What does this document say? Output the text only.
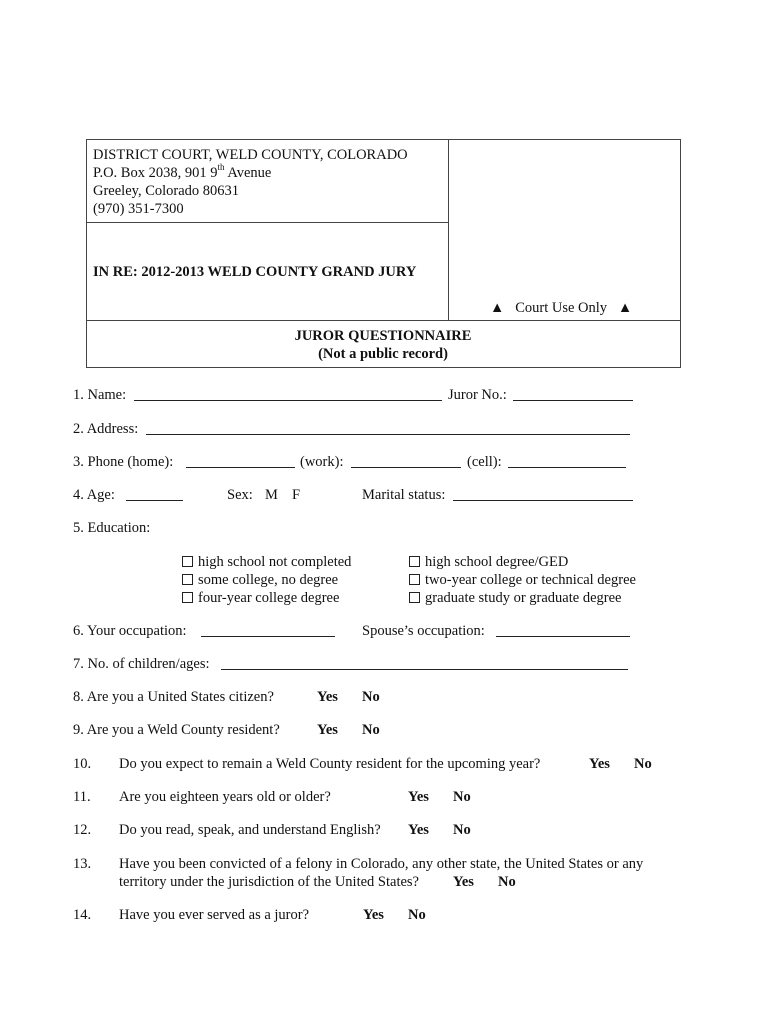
DISTRICT COURT, WELD COUNTY, COLORADO
P.O. Box 2038, 901 9th Avenue
Greeley, Colorado 80631
(970) 351-7300
IN RE: 2012-2013 WELD COUNTY GRAND JURY
▲   Court Use Only   ▲
JUROR QUESTIONNAIRE
(Not a public record)
1. Name:	Juror No.:
2. Address:
3. Phone (home):	(work):	(cell):
4. Age:	Sex: M F	Marital status:
5. Education:
high school not completed
some college, no degree
four-year college degree
high school degree/GED
two-year college or technical degree
graduate study or graduate degree
6. Your occupation:	Spouse’s occupation:
7. No. of children/ages:
8. Are you a United States citizen?	Yes No
9. Are you a Weld County resident?	Yes No
10. Do you expect to remain a Weld County resident for the upcoming year?	Yes No
11. Are you eighteen years old or older?	Yes No
12. Do you read, speak, and understand English? Yes No
13. Have you been convicted of a felony in Colorado, any other state, the United States or any
territory under the jurisdiction of the United States? Yes No
14. Have you ever served as a juror?	Yes No
